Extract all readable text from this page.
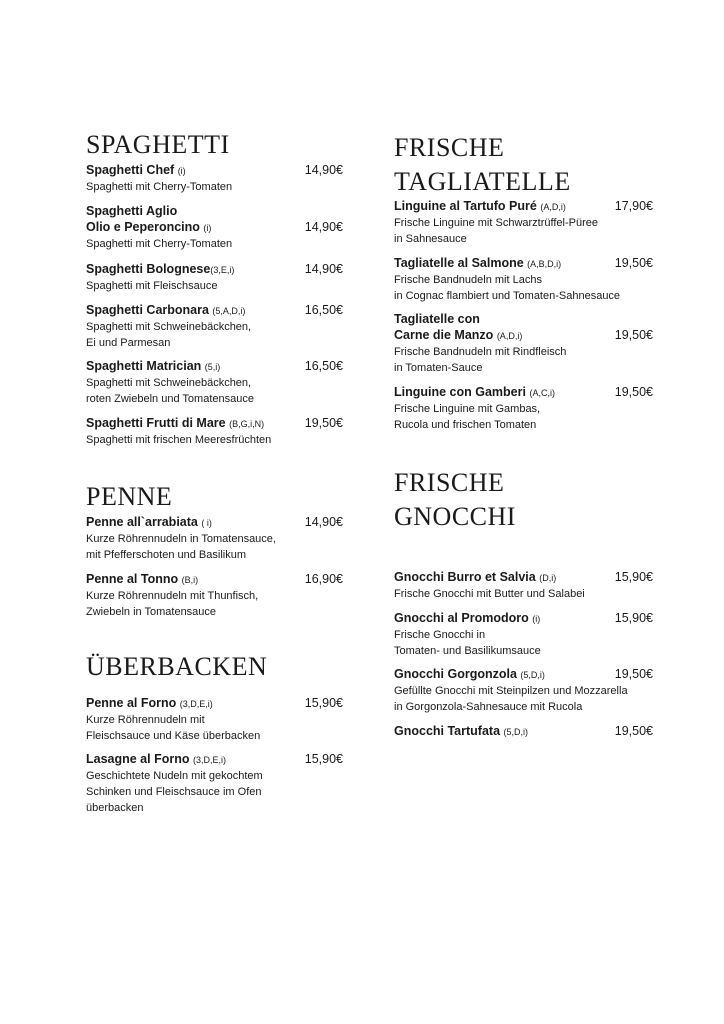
SPAGHETTI
Spaghetti Chef (i)	14,90€
Spaghetti mit Cherry-Tomaten
Spaghetti Aglio
Olio e Peperoncino (i)	14,90€
Spaghetti mit Cherry-Tomaten
Spaghetti Bolognese(3,E,i)	14,90€
Spaghetti mit Fleischsauce
Spaghetti Carbonara (5,A,D,i)	16,50€
Spaghetti mit Schweinebäckchen,
Ei und Parmesan
Spaghetti Matrician (5,i)	16,50€
Spaghetti mit Schweinebäckchen,
roten Zwiebeln und Tomatensauce
Spaghetti Frutti di Mare (B,G,i,N)	19,50€
Spaghetti mit frischen Meeresfrüchten
PENNE
Penne all`arrabiata ( i)	14,90€
Kurze Röhrennudeln in Tomatensauce,
mit Pfefferschoten und Basilikum
Penne al Tonno (B,i)	16,90€
Kurze Röhrennudeln mit Thunfisch,
Zwiebeln in Tomatensauce
ÜBERBACKEN
Penne al Forno (3,D,E,i)	15,90€
Kurze Röhrennudeln mit
Fleischsauce und Käse überbacken
Lasagne al Forno (3,D,E,i)	15,90€
Geschichtete Nudeln mit gekochtem
Schinken und Fleischsauce im Ofen
überbacken
FRISCHE
TAGLIATELLE
Linguine al Tartufo Puré (A,D,i)	17,90€
Frische Linguine mit Schwarztrüffel-Püree
in Sahnesauce
Tagliatelle al Salmone (A,B,D,i)	19,50€
Frische Bandnudeln mit Lachs
in Cognac flambiert und Tomaten-Sahnesauce
Tagliatelle con
Carne die Manzo (A,D,i)	19,50€
Frische Bandnudeln mit Rindfleisch
in Tomaten-Sauce
Linguine con Gamberi (A,C,i)	19,50€
Frische Linguine mit Gambas,
Rucola und frischen Tomaten
FRISCHE
GNOCCHI
Gnocchi Burro et Salvia (D,i)	15,90€
Frische Gnocchi mit Butter und Salabei
Gnocchi al Promodoro (i)	15,90€
Frische Gnocchi in
Tomaten- und Basilikumsauce
Gnocchi Gorgonzola (5,D,i)	19,50€
Gefüllte Gnocchi mit Steinpilzen und Mozzarella
in Gorgonzola-Sahnesauce mit Rucola
Gnocchi Tartufata (5,D,i)	19,50€
